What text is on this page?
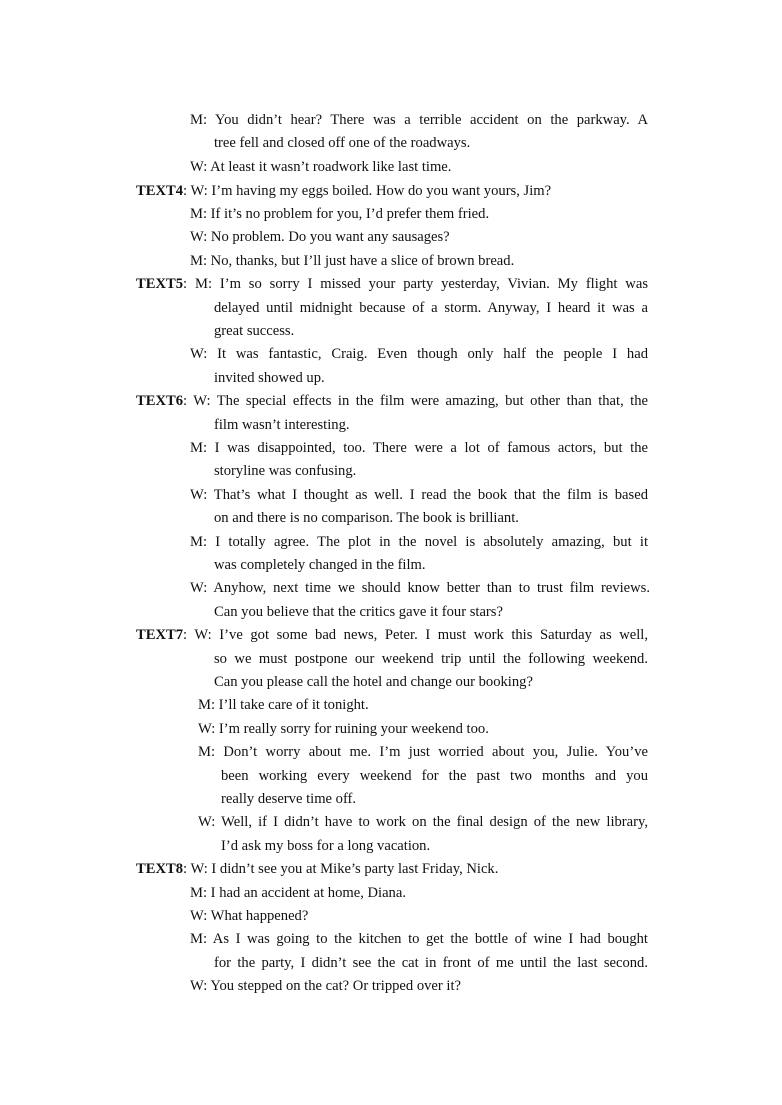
M: You didn’t hear? There was a terrible accident on the parkway. A
tree fell and closed off one of the roadways.
W: At least it wasn’t roadwork like last time.
TEXT4: W: I’m having my eggs boiled. How do you want yours, Jim?
M: If it’s no problem for you, I’d prefer them fried.
W: No problem. Do you want any sausages?
M: No, thanks, but I’ll just have a slice of brown bread.
TEXT5: M: I’m so sorry I missed your party yesterday, Vivian. My flight was
delayed until midnight because of a storm. Anyway, I heard it was a
great success.
W: It was fantastic, Craig. Even though only half the people I had
invited showed up.
TEXT6: W: The special effects in the film were amazing, but other than that, the
film wasn’t interesting.
M: I was disappointed, too. There were a lot of famous actors, but the
storyline was confusing.
W: That’s what I thought as well. I read the book that the film is based
on and there is no comparison. The book is brilliant.
M: I totally agree. The plot in the novel is absolutely amazing, but it
was completely changed in the film.
W: Anyhow, next time we should know better than to trust film reviews.
Can you believe that the critics gave it four stars?
TEXT7: W: I’ve got some bad news, Peter. I must work this Saturday as well,
so we must postpone our weekend trip until the following weekend.
Can you please call the hotel and change our booking?
M: I’ll take care of it tonight.
W: I’m really sorry for ruining your weekend too.
M: Don’t worry about me. I’m just worried about you, Julie. You’ve
been working every weekend for the past two months and you
really deserve time off.
W: Well, if I didn’t have to work on the final design of the new library,
I’d ask my boss for a long vacation.
TEXT8: W: I didn’t see you at Mike’s party last Friday, Nick.
M: I had an accident at home, Diana.
W: What happened?
M: As I was going to the kitchen to get the bottle of wine I had bought
for the party, I didn’t see the cat in front of me until the last second.
W: You stepped on the cat? Or tripped over it?
